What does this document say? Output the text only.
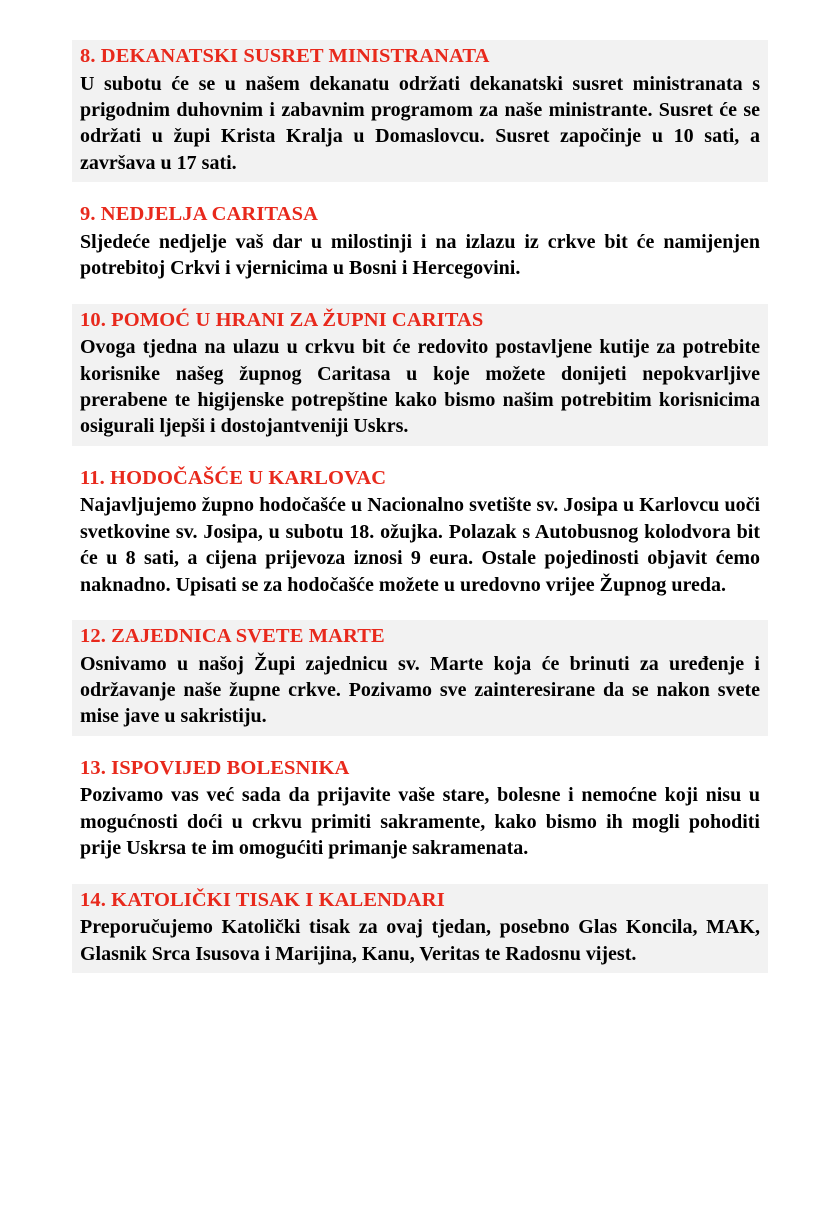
8. DEKANATSKI SUSRET MINISTRANATA

U subotu će se u našem dekanatu održati dekanatski susret ministranata s prigodnim duhovnim i zabavnim programom za naše ministrante. Susret će se održati u župi Krista Kralja u Domaslovcu. Susret započinje u 10 sati, a završava u 17 sati.

9. NEDJELJA CARITASA

Sljedeće nedjelje vaš dar u milostinji i na izlazu iz crkve bit će namijenjen potrebitoj Crkvi i vjernicima u Bosni i Hercegovini.

10. POMOĆ U HRANI ZA ŽUPNI CARITAS

Ovoga tjedna na ulazu u crkvu bit će redovito postavljene kutije za potrebite korisnike našeg župnog Caritasa u koje možete donijeti nepokvarljive prerabene te higijenske potrepštine kako bismo našim potrebitim korisnicima osigurali ljepši i dostojantveniji Uskrs.

11. HODOČAŠĆE U KARLOVAC

Najavljujemo župno hodočašće u Nacionalno svetište sv. Josipa u Karlovcu uoči svetkovine sv. Josipa, u subotu 18. ožujka. Polazak s Autobusnog kolodvora bit će u 8 sati, a cijena prijevoza iznosi 9 eura. Ostale pojedinosti objavit ćemo naknadno. Upisati se za hodočašće možete u uredovno vrijee Župnog ureda.

12. ZAJEDNICA SVETE MARTE

Osnivamo u našoj Župi zajednicu sv. Marte koja će brinuti za uređenje i održavanje naše župne crkve. Pozivamo sve zainteresirane da se nakon svete mise jave u sakristiju.

13. ISPOVIJED BOLESNIKA

Pozivamo vas već sada da prijavite vaše stare, bolesne i nemoćne koji nisu u mogućnosti doći u crkvu primiti sakramente, kako bismo ih mogli pohoditi prije Uskrsa te im omogućiti primanje sakramenata.

14. KATOLIČKI TISAK I KALENDARI

Preporučujemo Katolički tisak za ovaj tjedan, posebno Glas Koncila, MAK, Glasnik Srca Isusova i Marijina, Kanu, Veritas te Radosnu vijest.
